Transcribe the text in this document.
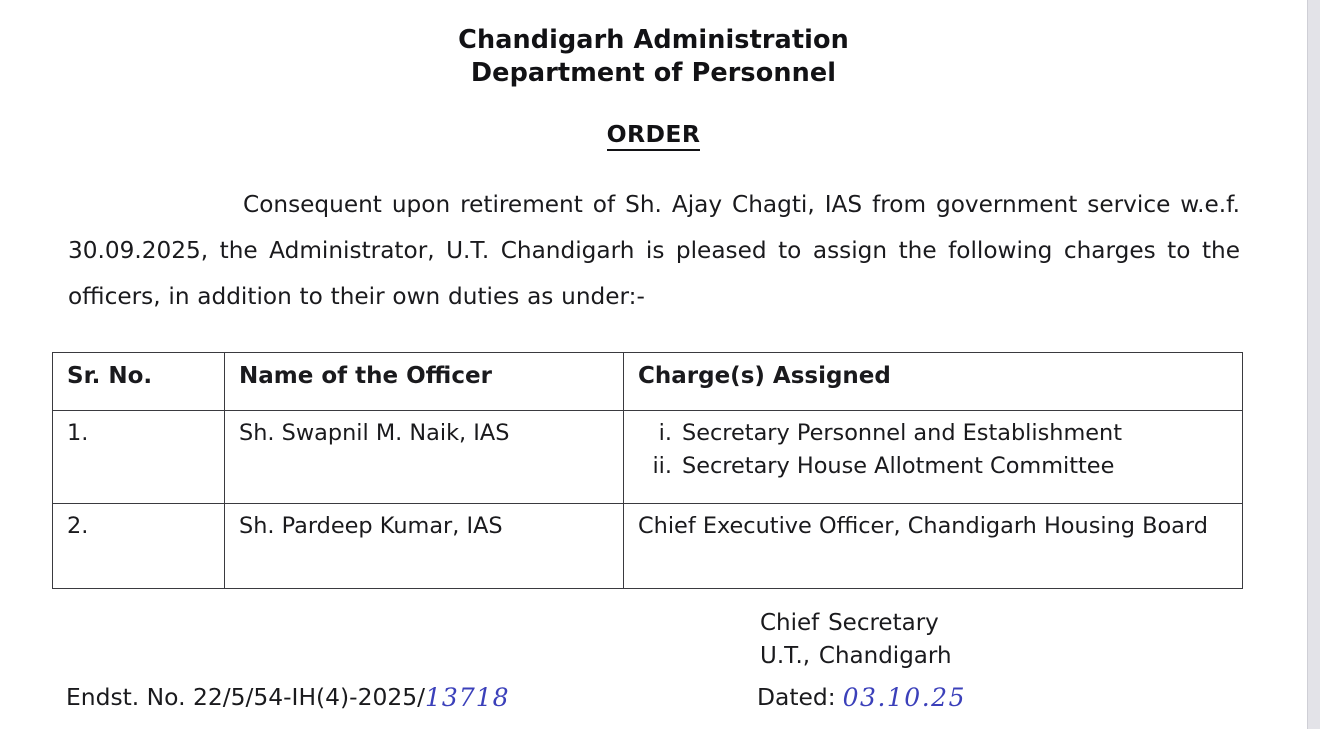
Chandigarh Administration
Department of Personnel
ORDER

Consequent upon retirement of Sh. Ajay Chagti, IAS from government service w.e.f. 30.09.2025, the Administrator, U.T. Chandigarh is pleased to assign the following charges to the officers, in addition to their own duties as under:-

Sr. No.	Name of the Officer	Charge(s) Assigned
1.	Sh. Swapnil M. Naik, IAS	i. Secretary Personnel and Establishment
ii. Secretary House Allotment Committee

2.	Sh. Pardeep Kumar, IAS	Chief Executive Officer, Chandigarh Housing Board
Chief Secretary
U.T., Chandigarh
Endst. No. 22/5/54-IH(4)-2025/13718	Dated: 03.10.25
